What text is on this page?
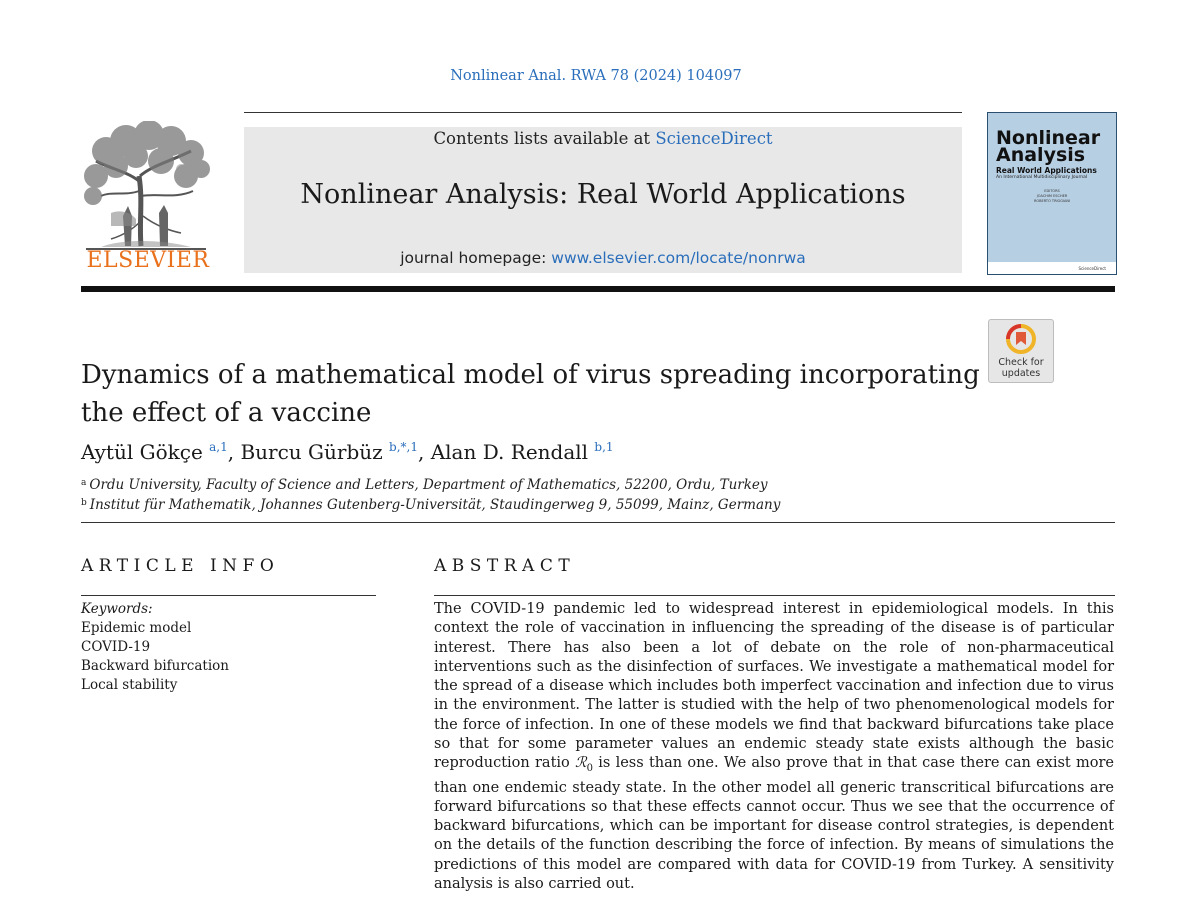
Nonlinear Anal. RWA 78 (2024) 104097
ELSEVIER
Contents lists available at ScienceDirect
Nonlinear Analysis: Real World Applications
journal homepage: www.elsevier.com/locate/nonrwa
Nonlinear
Analysis
Real World Applications
An International Multidisciplinary Journal
EDITORS
JOACHIM ESCHER
ROBERTO TRIGGIANI
ScienceDirect
Check for
updates
Dynamics of a mathematical model of virus spreading incorporating the effect of a vaccine
Aytül Gökçe $^{a,1}$, Burcu Gürbüz $^{b,*,1}$, Alan D. Rendall $^{b,1}$
$^a$ Ordu University, Faculty of Science and Letters, Department of Mathematics, 52200, Ordu, Turkey
$^b$ Institut für Mathematik, Johannes Gutenberg-Universität, Staudingerweg 9, 55099, Mainz, Germany
ARTICLE INFO
Keywords:
Epidemic model
COVID-19
Backward bifurcation
Local stability
ABSTRACT

The COVID-19 pandemic led to widespread interest in epidemiological models. In this context the role of vaccination in influencing the spreading of the disease is of particular interest. There has also been a lot of debate on the role of non-pharmaceutical interventions such as the disinfection of surfaces. We investigate a mathematical model for the spread of a disease which includes both imperfect vaccination and infection due to virus in the environment. The latter is studied with the help of two phenomenological models for the force of infection. In one of these models we find that backward bifurcations take place so that for some parameter values an endemic steady state exists although the basic reproduction ratio ℛ$_0$ is less than one. We also prove that in that case there can exist more than one endemic steady state. In the other model all generic transcritical bifurcations are forward bifurcations so that these effects cannot occur. Thus we see that the occurrence of backward bifurcations, which can be important for disease control strategies, is dependent on the details of the function describing the force of infection. By means of simulations the predictions of this model are compared with data for COVID-19 from Turkey. A sensitivity analysis is also carried out.
